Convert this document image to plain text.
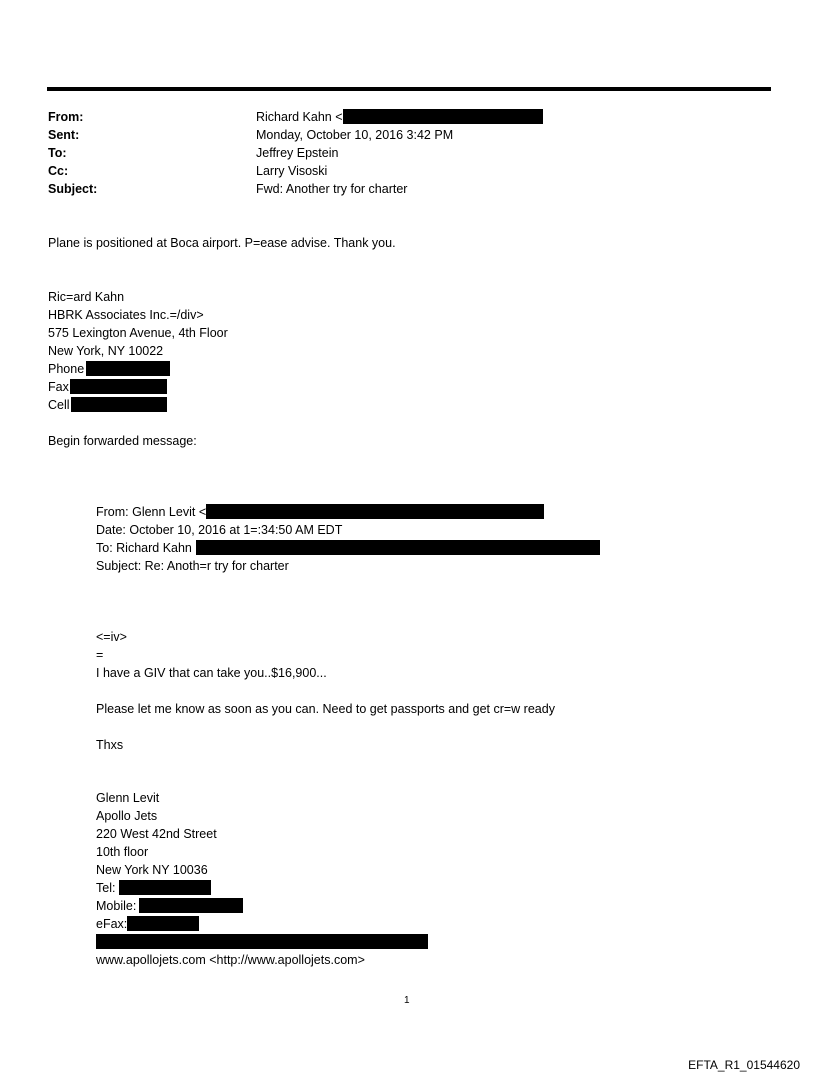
From:	Richard Kahn <
Sent:	Monday, October 10, 2016 3:42 PM
To:	Jeffrey Epstein
Cc:	Larry Visoski
Subject:	Fwd: Another try for charter
Plane is positioned at Boca airport. P=ease advise. Thank you.
Ric=ard Kahn
HBRK Associates Inc.=/div>
575 Lexington Avenue, 4th Floor
New York, NY 10022
Phone
Fax
Cell
Begin forwarded message:
From: Glenn Levit <
Date: October 10, 2016 at 1=:34:50 AM EDT
To: Richard Kahn
Subject: Re: Anoth=r try for charter
<=iv>
=
I have a GIV that can take you..$16,900...
Please let me know as soon as you can. Need to get passports and get cr=w ready
Thxs
Glenn Levit
Apollo Jets
220 West 42nd Street
10th floor
New York NY 10036
Tel:
Mobile:
eFax:
www.apollojets.com <http://www.apollojets.com>
1
EFTA_R1_01544620
